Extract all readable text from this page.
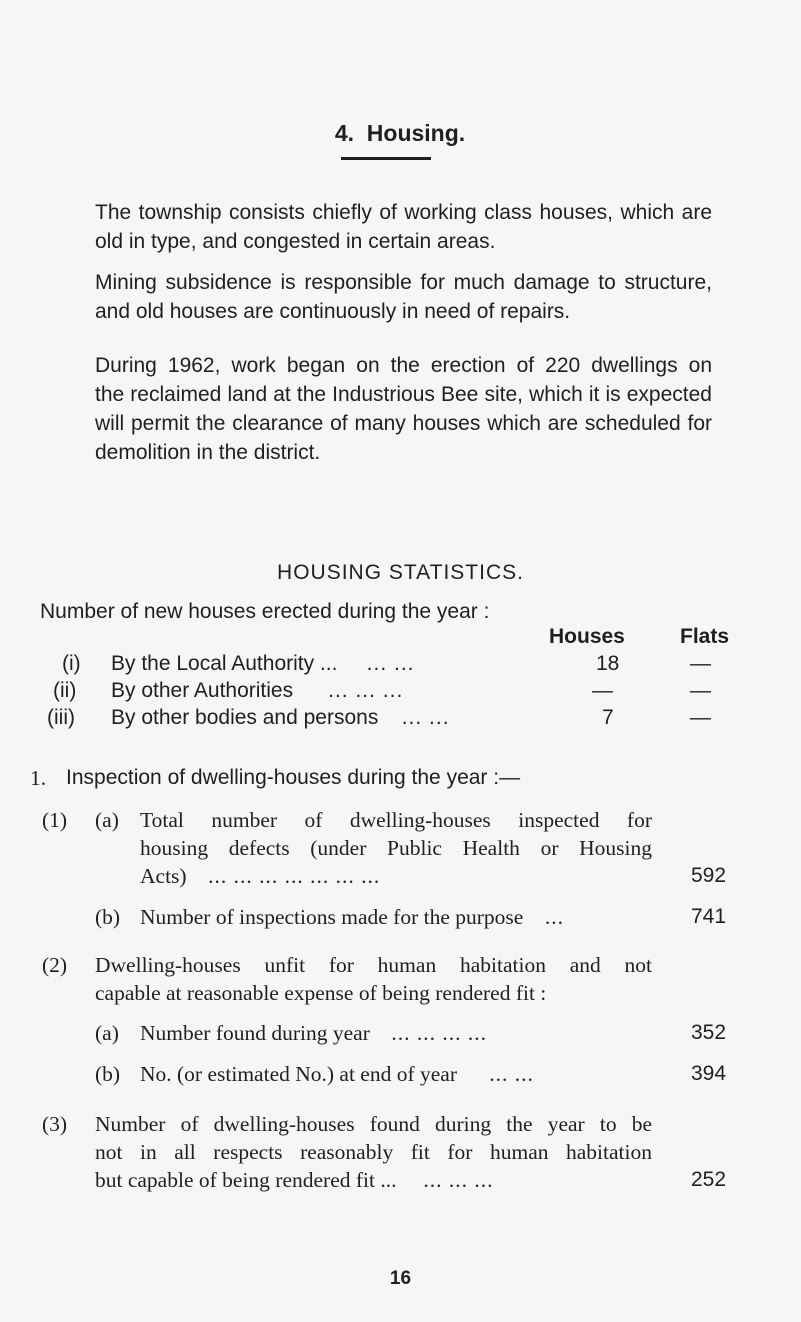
4. Housing.
The township consists chiefly of working class houses, which are
old in type, and congested in certain areas.
Mining subsidence is responsible for much damage to structure,
and old houses are continuously in need of repairs.
During 1962, work began on the erection of 220 dwellings on
the reclaimed land at the Industrious Bee site, which it is expected
will permit the clearance of many houses which are scheduled for
demolition in the district.
HOUSING STATISTICS.
Number of new houses erected during the year :
Houses	Flats
(i) By the Local Authority ... ... ...	18	—
(ii) By other Authorities ... ... ...	—	—
(iii) By other bodies and persons ... ...	7	—
1. Inspection of dwelling-houses during the year :—
(1) (a) Total number of dwelling-houses inspected for
housing defects (under Public Health or Housing
Acts) ... ... ... ... ... ... ...	592
(b) Number of inspections made for the purpose ...	741
(2) Dwelling-houses unfit for human habitation and not
capable at reasonable expense of being rendered fit :
(a) Number found during year ... ... ... ...	352
(b) No. (or estimated No.) at end of year ... ...	394
(3) Number of dwelling-houses found during the year to be
not in all respects reasonably fit for human habitation
but capable of being rendered fit ... ... ... ...	252
16
